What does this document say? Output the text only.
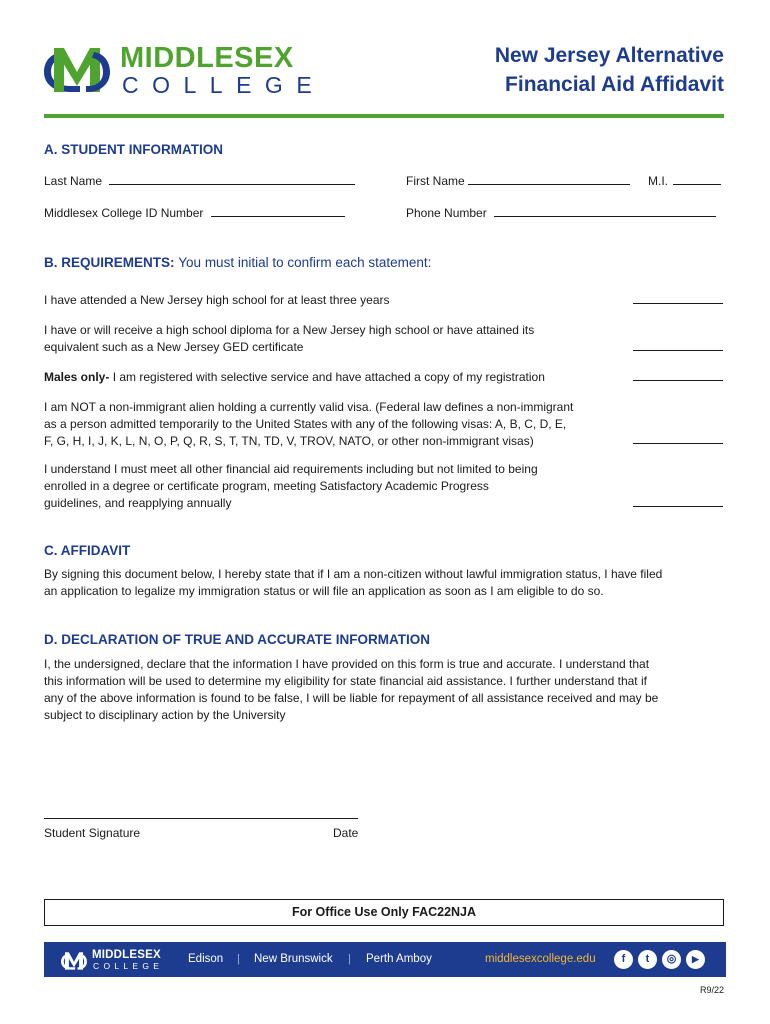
MIDDLESEX
COLLEGE
New Jersey Alternative
Financial Aid Affidavit
A. STUDENT INFORMATION
Last Name	First Name	M.I.
Middlesex College ID Number	Phone Number
B. REQUIREMENTS: You must initial to confirm each statement:
I have attended a New Jersey high school for at least three years
I have or will receive a high school diploma for a New Jersey high school or have attained its
equivalent such as a New Jersey GED certificate
Males only- I am registered with selective service and have attached a copy of my registration
I am NOT a non-immigrant alien holding a currently valid visa. (Federal law defines a non-immigrant
as a person admitted temporarily to the United States with any of the following visas: A, B, C, D, E,
F, G, H, I, J, K, L, N, O, P, Q, R, S, T, TN, TD, V, TROV, NATO, or other non-immigrant visas)
I understand I must meet all other financial aid requirements including but not limited to being
enrolled in a degree or certificate program, meeting Satisfactory Academic Progress
guidelines, and reapplying annually
C. AFFIDAVIT
By signing this document below, I hereby state that if I am a non-citizen without lawful immigration status, I have filed
an application to legalize my immigration status or will file an application as soon as I am eligible to do so.
D. DECLARATION OF TRUE AND ACCURATE INFORMATION
I, the undersigned, declare that the information I have provided on this form is true and accurate. I understand that
this information will be used to determine my eligibility for state financial aid assistance. I further understand that if
any of the above information is found to be false, I will be liable for repayment of all assistance received and may be
subject to disciplinary action by the University
Student Signature	Date
For Office Use Only FAC22NJA
MIDDLESEX
COLLEGE
Edison | New Brunswick | Perth Amboy	middlesexcollege.edu	f	t	◎	▶
R9/22
